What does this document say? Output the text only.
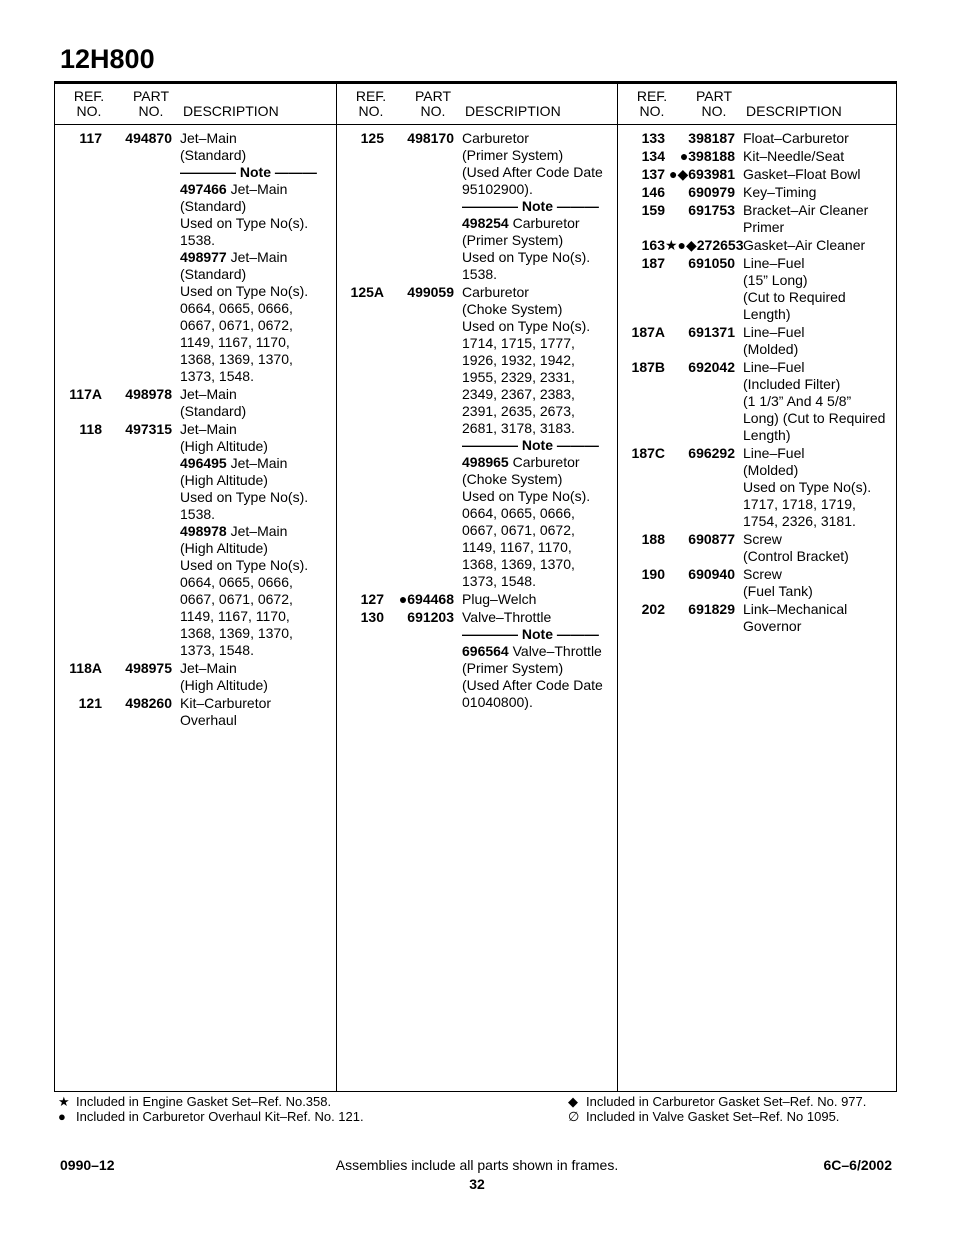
12H800
REF.
NO.
PART
NO.	DESCRIPTION
117	494870 Jet–Main
(Standard)
———— Note ———
497466 Jet–Main
(Standard)
Used on Type No(s).
1538.
498977 Jet–Main
(Standard)
Used on Type No(s).
0664, 0665, 0666,
0667, 0671, 0672,
1149, 1167, 1170,
1368, 1369, 1370,
1373, 1548.
117A	498978 Jet–Main
(Standard)
118	497315 Jet–Main
(High Altitude)
496495 Jet–Main
(High Altitude)
Used on Type No(s).
1538.
498978 Jet–Main
(High Altitude)
Used on Type No(s).
0664, 0665, 0666,
0667, 0671, 0672,
1149, 1167, 1170,
1368, 1369, 1370,
1373, 1548.
118A	498975 Jet–Main
(High Altitude)
121	498260 Kit–Carburetor
Overhaul
REF.
NO.
PART
NO.	DESCRIPTION
125	498170 Carburetor
(Primer System)
(Used After Code Date
95102900).
———— Note ———
498254 Carburetor
(Primer System)
Used on Type No(s).
1538.
125A	499059 Carburetor
(Choke System)
Used on Type No(s).
1714, 1715, 1777,
1926, 1932, 1942,
1955, 2329, 2331,
2349, 2367, 2383,
2391, 2635, 2673,
2681, 3178, 3183.
———— Note ———
498965 Carburetor
(Choke System)
Used on Type No(s).
0664, 0665, 0666,
0667, 0671, 0672,
1149, 1167, 1170,
1368, 1369, 1370,
1373, 1548.
127	●694468 Plug–Welch
130	691203 Valve–Throttle
———— Note ———
696564 Valve–Throttle
(Primer System)
(Used After Code Date
01040800).
REF.
NO.
PART
NO.	DESCRIPTION
133	398187 Float–Carburetor
134	●398188 Kit–Needle/Seat
137 ●◆693981 Gasket–Float Bowl
146	690979 Key–Timing
159	691753 Bracket–Air Cleaner
Primer
163 ★●◆272653 Gasket–Air Cleaner
187	691050 Line–Fuel
(15” Long)
(Cut to Required
Length)
187A	691371 Line–Fuel
(Molded)
187B	692042 Line–Fuel
(Included Filter)
(1 1/3” And 4 5/8”
Long) (Cut to Required
Length)
187C	696292 Line–Fuel
(Molded)
Used on Type No(s).
1717, 1718, 1719,
1754, 2326, 3181.
188	690877 Screw
(Control Bracket)
190	690940 Screw
(Fuel Tank)
202	691829 Link–Mechanical
Governor
★ Included in Engine Gasket Set–Ref. No.358.
● Included in Carburetor Overhaul Kit–Ref. No. 121.
◆ Included in Carburetor Gasket Set–Ref. No. 977.
∅ Included in Valve Gasket Set–Ref. No 1095.
0990–12	Assemblies include all parts shown in frames.	6C–6/2002
32
